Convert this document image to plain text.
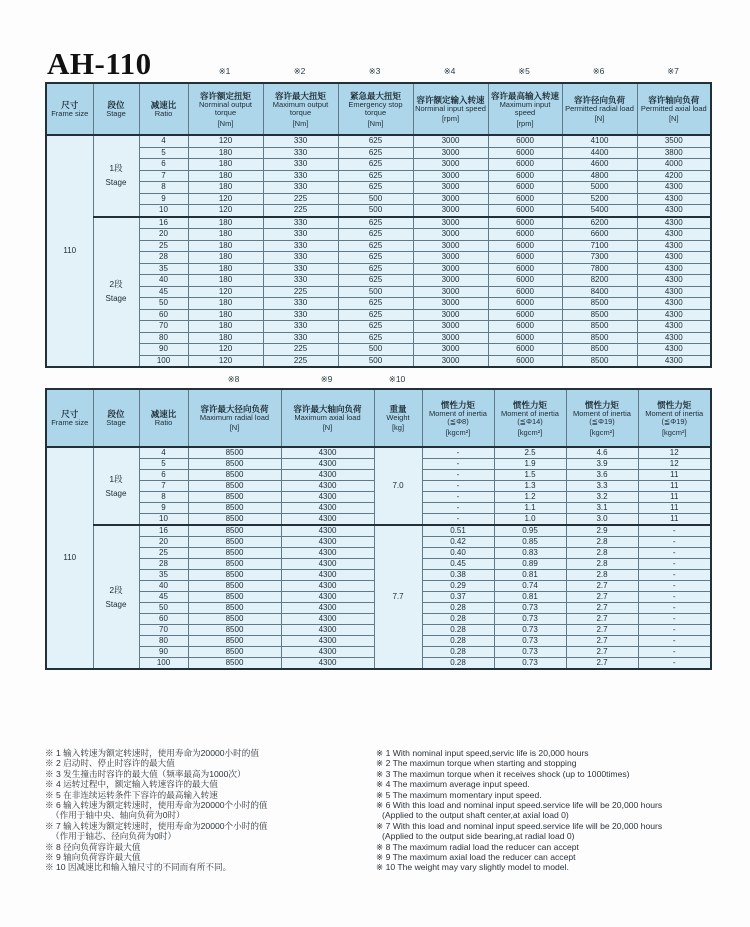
AH-110	※1	※2	※3	※4	※5	※6	※7
尺寸
Frame size

段位
Stage

减速比
Ratio

容许额定扭矩
Norminal output torque
[Nm]

容许最大扭矩
Maximum output torque
[Nm]

紧急最大扭矩
Emergency stop torque
[Nm]

容许额定输入转速
Norminal input speed
[rpm]

容许最高输入转速
Maximum input speed
[rpm]

容许径向负荷
Permitted radial load
[N]

容许轴向负荷
Permitted axial load
[N]

110	1段
Stage	4	120	330	625	3000	6000	4100	3500
		5	180	330	625	3000	6000	4400	3800
		6	180	330	625	3000	6000	4600	4000
		7	180	330	625	3000	6000	4800	4200
		8	180	330	625	3000	6000	5000	4300
		9	120	225	500	3000	6000	5200	4300
		10	120	225	500	3000	6000	5400	4300

	2段
Stage	16	180	330	625	3000	6000	6200	4300
		20	180	330	625	3000	6000	6600	4300
		25	180	330	625	3000	6000	7100	4300
		28	180	330	625	3000	6000	7300	4300
		35	180	330	625	3000	6000	7800	4300
		40	180	330	625	3000	6000	8200	4300
		45	120	225	500	3000	6000	8400	4300
		50	180	330	625	3000	6000	8500	4300
		60	180	330	625	3000	6000	8500	4300
		70	180	330	625	3000	6000	8500	4300
		80	180	330	625	3000	6000	8500	4300
		90	120	225	500	3000	6000	8500	4300
		100	120	225	500	3000	6000	8500	4300
※8	※9	※10
尺寸
Frame size

段位
Stage

减速比
Ratio

容许最大径向负荷
Maximum radial load
[N]

容许最大轴向负荷
Maximum axial load
[N]

重量
Weight
[kg]

惯性力矩
Moment of inertia
(≦Φ8)
[kgcm²]

惯性力矩
Moment of inertia
(≦Φ14)
[kgcm²]

惯性力矩
Moment of inertia
(≦Φ19)
[kgcm²]

惯性力矩
Moment of inertia
(≦Φ19)
[kgcm²]

110	1段
Stage	4	8500	4300	7.0	-	2.5	4.6	12
		5	8500	4300		-	1.9	3.9	12
		6	8500	4300		-	1.5	3.6	11
		7	8500	4300		-	1.3	3.3	11
		8	8500	4300		-	1.2	3.2	11
		9	8500	4300		-	1.1	3.1	11
		10	8500	4300		-	1.0	3.0	11

	2段
Stage	16	8500	4300	7.7	0.51	0.95	2.9	-
		20	8500	4300		0.42	0.85	2.8	-
		25	8500	4300		0.40	0.83	2.8	-
		28	8500	4300		0.45	0.89	2.8	-
		35	8500	4300		0.38	0.81	2.8	-
		40	8500	4300		0.29	0.74	2.7	-
		45	8500	4300		0.37	0.81	2.7	-
		50	8500	4300		0.28	0.73	2.7	-
		60	8500	4300		0.28	0.73	2.7	-
		70	8500	4300		0.28	0.73	2.7	-
		80	8500	4300		0.28	0.73	2.7	-
		90	8500	4300		0.28	0.73	2.7	-
		100	8500	4300		0.28	0.73	2.7	-
※ 1 输入转速为额定转速时，使用寿命为20000小时的值
※ 2 启动时、停止时容许的最大值
※ 3 发生撞击时容许的最大值（频率最高为1000次）
※ 4 运转过程中，额定输入转速容许的最大值
※ 5 在非连续运转条件下容许的最高输入转速
※ 6 输入转速为额定转速时，使用寿命为20000个小时的值
（作用于轴中央、轴向负荷为0时）
※ 7 输入转速为额定转速时，使用寿命为20000个小时的值
（作用于轴芯、径向负荷为0时）
※ 8 径向负荷容许最大值
※ 9 轴向负荷容许最大值
※ 10 因减速比和输入轴尺寸的不同而有所不同。
※ 1 With nominal input speed,servic life is 20,000 hours
※ 2 The maximun torque when starting and stopping
※ 3 The maximun torque when it receives shock (up to 1000times)
※ 4 The maximum average input speed.
※ 5 The maximum momentary input speed.
※ 6 With this load and nominal input speed.service life will be 20,000 hours
(Applied to the output shaft center,at axial load 0)
※ 7 With this load and nominal input speed.service life will be 20,000 hours
(Applied to the output side bearing,at radial load 0)
※ 8 The maximum radial load the reducer can accept
※ 9 The maximum axial load the reducer can accept
※ 10 The weight may vary slightly model to model.
